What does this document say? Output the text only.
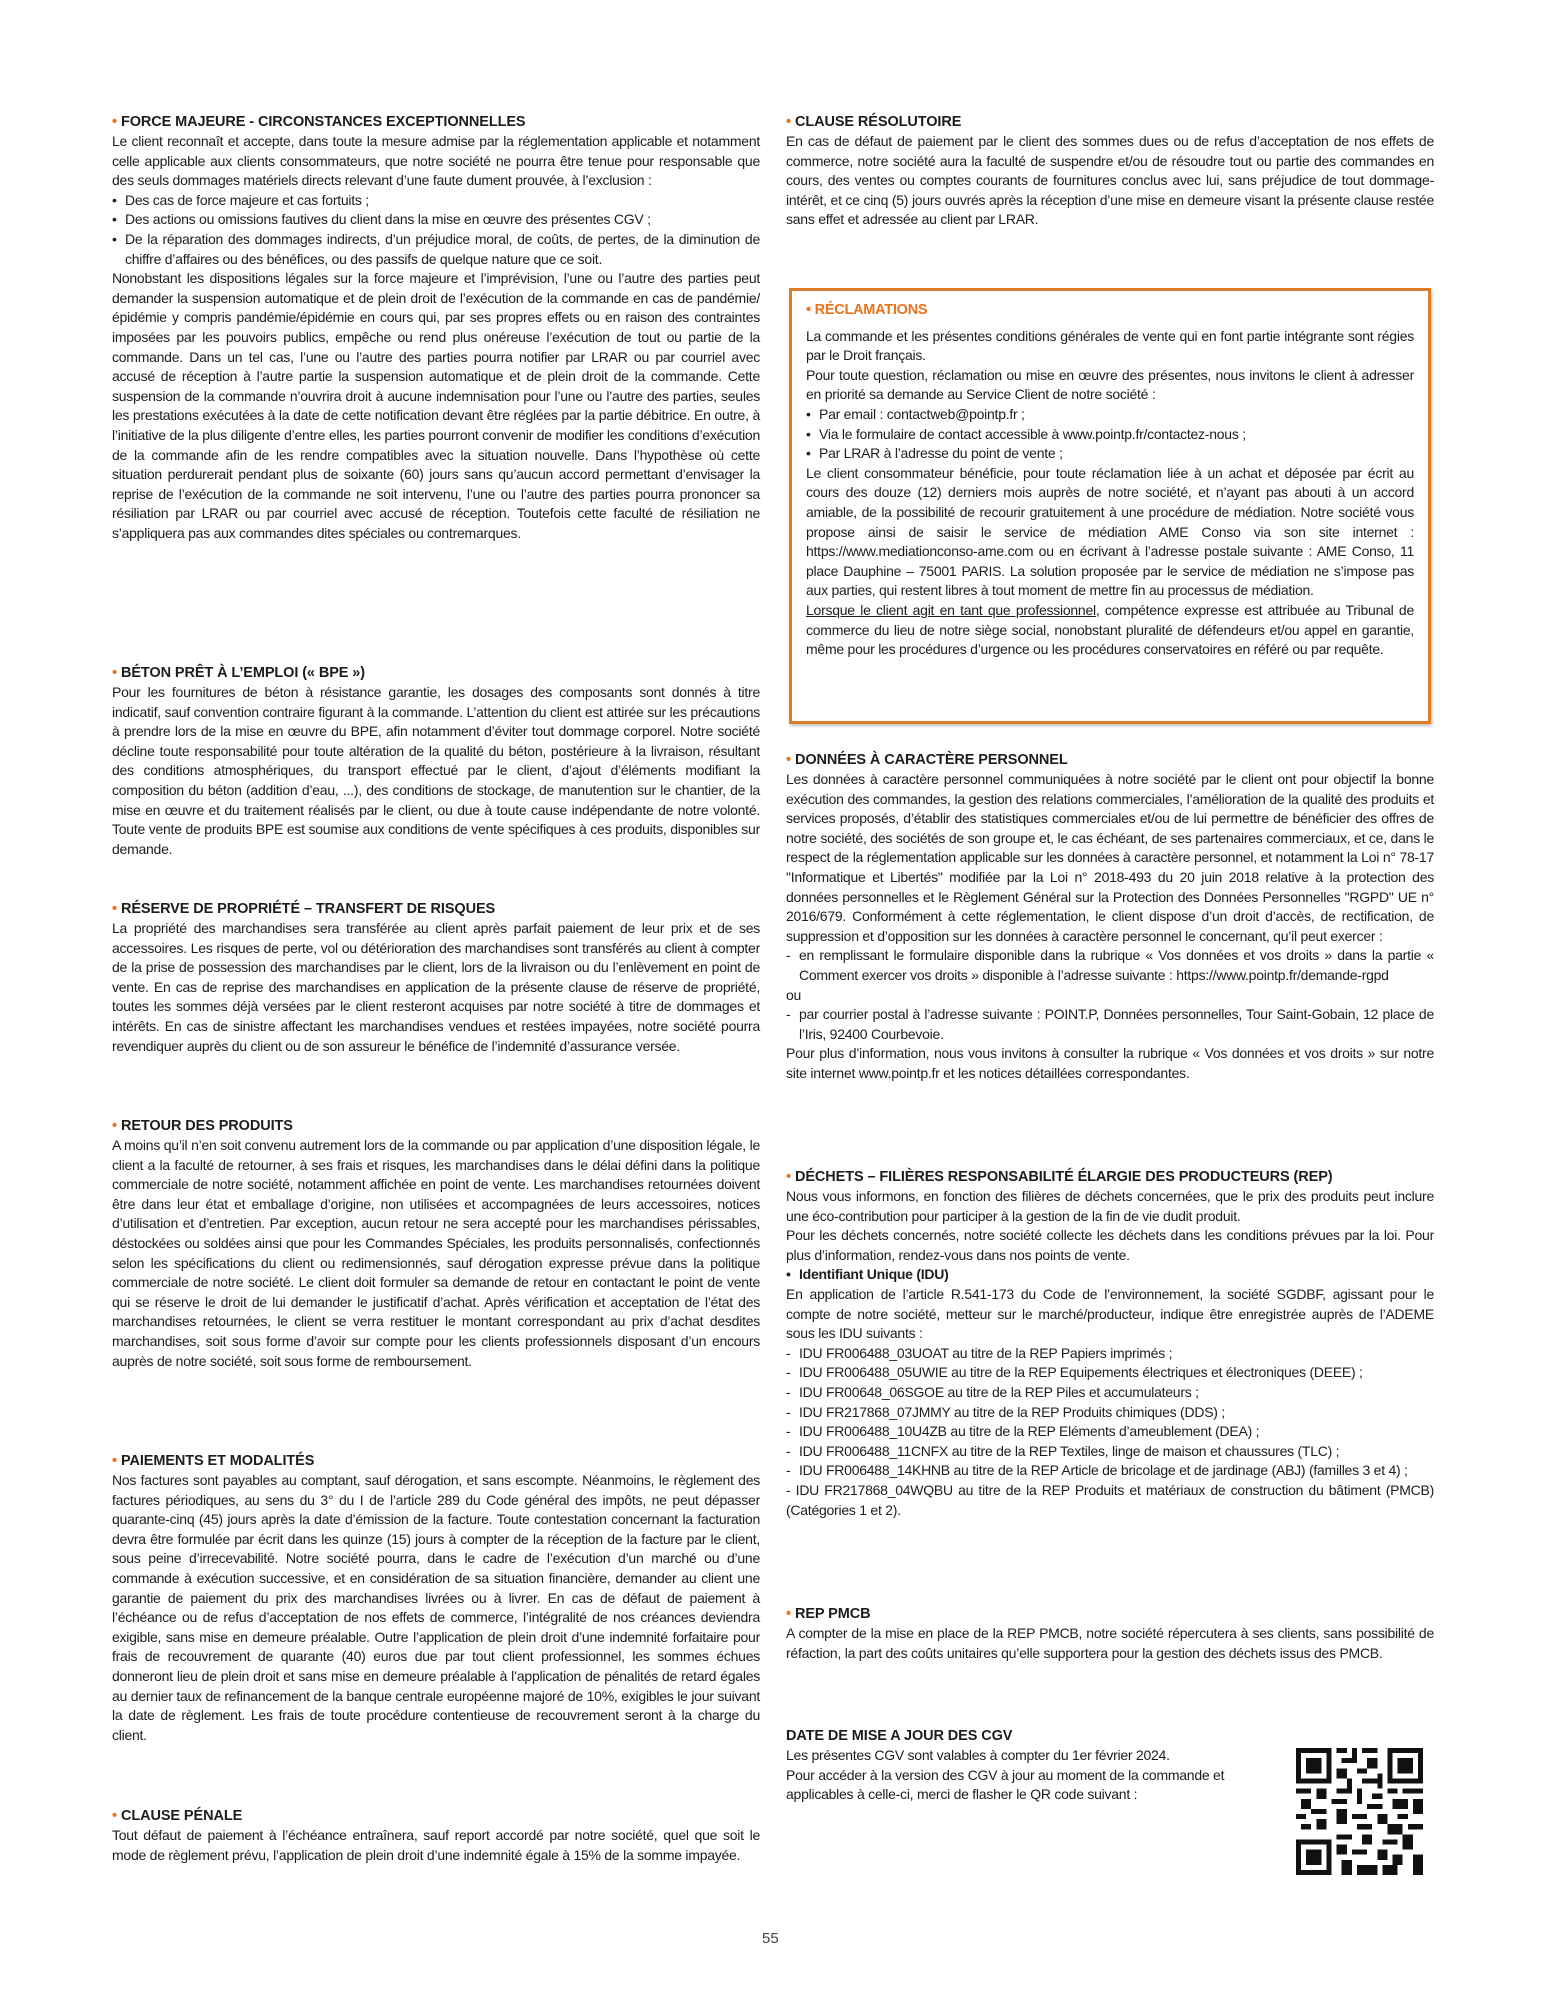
• FORCE MAJEURE - CIRCONSTANCES EXCEPTIONNELLES

Le client reconnaît et accepte, dans toute la mesure admise par la réglementation applicable et notamment celle applicable aux clients consommateurs, que notre société ne pourra être tenue pour responsable que des seuls dommages matériels directs relevant d’une faute dument prouvée, à l’exclusion :

• Des cas de force majeure et cas fortuits ;
• Des actions ou omissions fautives du client dans la mise en œuvre des présentes CGV ;
• De la réparation des dommages indirects, d’un préjudice moral, de coûts, de pertes, de la diminution de chiffre d’affaires ou des bénéfices, ou des passifs de quelque nature que ce soit.

Nonobstant les dispositions légales sur la force majeure et l’imprévision, l’une ou l’autre des parties peut demander la suspension automatique et de plein droit de l’exécution de la commande en cas de pandémie/épidémie y compris pandémie/épidémie en cours qui, par ses propres effets ou en raison des contraintes imposées par les pouvoirs publics, empêche ou rend plus onéreuse l’exécution de tout ou partie de la commande. Dans un tel cas, l’une ou l’autre des parties pourra notifier par LRAR ou par courriel avec accusé de réception à l’autre partie la suspension automatique et de plein droit de la commande. Cette suspension de la commande n’ouvrira droit à aucune indemnisation pour l’une ou l’autre des parties, seules les prestations exécutées à la date de cette notification devant être réglées par la partie débitrice. En outre, à l’initiative de la plus diligente d’entre elles, les parties pourront convenir de modifier les conditions d’exécution de la commande afin de les rendre compatibles avec la situation nouvelle. Dans l’hypothèse où cette situation perdurerait pendant plus de soixante (60) jours sans qu’aucun accord permettant d’envisager la reprise de l’exécution de la commande ne soit intervenu, l’une ou l’autre des parties pourra prononcer sa résiliation par LRAR ou par courriel avec accusé de réception. Toutefois cette faculté de résiliation ne s’appliquera pas aux commandes dites spéciales ou contremarques.

• BÉTON PRÊT À L’EMPLOI (« BPE »)

Pour les fournitures de béton à résistance garantie, les dosages des composants sont donnés à titre indicatif, sauf convention contraire figurant à la commande. L’attention du client est attirée sur les précautions à prendre lors de la mise en œuvre du BPE, afin notamment d’éviter tout dommage corporel. Notre société décline toute responsabilité pour toute altération de la qualité du béton, postérieure à la livraison, résultant des conditions atmosphériques, du transport effectué par le client, d’ajout d’éléments modifiant la composition du béton (addition d’eau, ...), des conditions de stockage, de manutention sur le chantier, de la mise en œuvre et du traitement réalisés par le client, ou due à toute cause indépendante de notre volonté. Toute vente de produits BPE est soumise aux conditions de vente spécifiques à ces produits, disponibles sur demande.

• RÉSERVE DE PROPRIÉTÉ – TRANSFERT DE RISQUES

La propriété des marchandises sera transférée au client après parfait paiement de leur prix et de ses accessoires. Les risques de perte, vol ou détérioration des marchandises sont transférés au client à compter de la prise de possession des marchandises par le client, lors de la livraison ou du l’enlèvement en point de vente. En cas de reprise des marchandises en application de la présente clause de réserve de propriété, toutes les sommes déjà versées par le client resteront acquises par notre société à titre de dommages et intérêts. En cas de sinistre affectant les marchandises vendues et restées impayées, notre société pourra revendiquer auprès du client ou de son assureur le bénéfice de l’indemnité d’assurance versée.

• RETOUR DES PRODUITS

A moins qu’il n’en soit convenu autrement lors de la commande ou par application d’une disposition légale, le client a la faculté de retourner, à ses frais et risques, les marchandises dans le délai défini dans la politique commerciale de notre société, notamment affichée en point de vente. Les marchandises retournées doivent être dans leur état et emballage d’origine, non utilisées et accompagnées de leurs accessoires, notices d’utilisation et d’entretien. Par exception, aucun retour ne sera accepté pour les marchandises périssables, déstockées ou soldées ainsi que pour les Commandes Spéciales, les produits personnalisés, confectionnés selon les spécifications du client ou redimensionnés, sauf dérogation expresse prévue dans la politique commerciale de notre société. Le client doit formuler sa demande de retour en contactant le point de vente qui se réserve le droit de lui demander le justificatif d’achat. Après vérification et acceptation de l’état des marchandises retournées, le client se verra restituer le montant correspondant au prix d’achat desdites marchandises, soit sous forme d’avoir sur compte pour les clients professionnels disposant d’un encours auprès de notre société, soit sous forme de remboursement.

• PAIEMENTS ET MODALITÉS

Nos factures sont payables au comptant, sauf dérogation, et sans escompte. Néanmoins, le règlement des factures périodiques, au sens du 3° du I de l’article 289 du Code général des impôts, ne peut dépasser quarante-cinq (45) jours après la date d’émission de la facture. Toute contestation concernant la facturation devra être formulée par écrit dans les quinze (15) jours à compter de la réception de la facture par le client, sous peine d’irrecevabilité. Notre société pourra, dans le cadre de l’exécution d’un marché ou d’une commande à exécution successive, et en considération de sa situation financière, demander au client une garantie de paiement du prix des marchandises livrées ou à livrer. En cas de défaut de paiement à l’échéance ou de refus d’acceptation de nos effets de commerce, l’intégralité de nos créances deviendra exigible, sans mise en demeure préalable. Outre l’application de plein droit d’une indemnité forfaitaire pour frais de recouvrement de quarante (40) euros due par tout client professionnel, les sommes échues donneront lieu de plein droit et sans mise en demeure préalable à l’application de pénalités de retard égales au dernier taux de refinancement de la banque centrale européenne majoré de 10%, exigibles le jour suivant la date de règlement. Les frais de toute procédure contentieuse de recouvrement seront à la charge du client.

• CLAUSE PÉNALE

Tout défaut de paiement à l’échéance entraînera, sauf report accordé par notre société, quel que soit le mode de règlement prévu, l’application de plein droit d’une indemnité égale à 15% de la somme impayée.

• CLAUSE RÉSOLUTOIRE

En cas de défaut de paiement par le client des sommes dues ou de refus d’acceptation de nos effets de commerce, notre société aura la faculté de suspendre et/ou de résoudre tout ou partie des commandes en cours, des ventes ou comptes courants de fournitures conclus avec lui, sans préjudice de tout dommage-intérêt, et ce cinq (5) jours ouvrés après la réception d’une mise en demeure visant la présente clause restée sans effet et adressée au client par LRAR.

• RÉCLAMATIONS

La commande et les présentes conditions générales de vente qui en font partie intégrante sont régies par le Droit français.

Pour toute question, réclamation ou mise en œuvre des présentes, nous invitons le client à adresser en priorité sa demande au Service Client de notre société :

• Par email : contactweb@pointp.fr ;
• Via le formulaire de contact accessible à www.pointp.fr/contactez-nous ;
• Par LRAR à l’adresse du point de vente ;

Le client consommateur bénéficie, pour toute réclamation liée à un achat et déposée par écrit au cours des douze (12) derniers mois auprès de notre société, et n’ayant pas abouti à un accord amiable, de la possibilité de recourir gratuitement à une procédure de médiation. Notre société vous propose ainsi de saisir le service de médiation AME Conso via son site internet : https://www.mediationconso-ame.com ou en écrivant à l’adresse postale suivante : AME Conso, 11 place Dauphine – 75001 PARIS. La solution proposée par le service de médiation ne s’impose pas aux parties, qui restent libres à tout moment de mettre fin au processus de médiation.

Lorsque le client agit en tant que professionnel, compétence expresse est attribuée au Tribunal de commerce du lieu de notre siège social, nonobstant pluralité de défendeurs et/ou appel en garantie, même pour les procédures d’urgence ou les procédures conservatoires en référé ou par requête.

• DONNÉES À CARACTÈRE PERSONNEL

Les données à caractère personnel communiquées à notre société par le client ont pour objectif la bonne exécution des commandes, la gestion des relations commerciales, l’amélioration de la qualité des produits et services proposés, d’établir des statistiques commerciales et/ou de lui permettre de bénéficier des offres de notre société, des sociétés de son groupe et, le cas échéant, de ses partenaires commerciaux, et ce, dans le respect de la réglementation applicable sur les données à caractère personnel, et notamment la Loi n° 78-17 "Informatique et Libertés" modifiée par la Loi n° 2018-493 du 20 juin 2018 relative à la protection des données personnelles et le Règlement Général sur la Protection des Données Personnelles "RGPD" UE n° 2016/679. Conformément à cette réglementation, le client dispose d’un droit d’accès, de rectification, de suppression et d’opposition sur les données à caractère personnel le concernant, qu’il peut exercer :

- en remplissant le formulaire disponible dans la rubrique « Vos données et vos droits » dans la partie « Comment exercer vos droits » disponible à l’adresse suivante : https://www.pointp.fr/demande-rgpd

ou

- par courrier postal à l’adresse suivante : POINT.P, Données personnelles, Tour Saint-Gobain, 12 place de l’Iris, 92400 Courbevoie.

Pour plus d’information, nous vous invitons à consulter la rubrique « Vos données et vos droits » sur notre site internet www.pointp.fr et les notices détaillées correspondantes.

• DÉCHETS – FILIÈRES RESPONSABILITÉ ÉLARGIE DES PRODUCTEURS (REP)

Nous vous informons, en fonction des filières de déchets concernées, que le prix des produits peut inclure une éco-contribution pour participer à la gestion de la fin de vie dudit produit.

Pour les déchets concernés, notre société collecte les déchets dans les conditions prévues par la loi. Pour plus d’information, rendez-vous dans nos points de vente.

• Identifiant Unique (IDU)

En application de l’article R.541-173 du Code de l’environnement, la société SGDBF, agissant pour le compte de notre société, metteur sur le marché/producteur, indique être enregistrée auprès de l’ADEME sous les IDU suivants :

- IDU FR006488_03UOAT au titre de la REP Papiers imprimés ;
- IDU FR006488_05UWIE au titre de la REP Equipements électriques et électroniques (DEEE) ;
- IDU FR00648_06SGOE au titre de la REP Piles et accumulateurs ;
- IDU FR217868_07JMMY au titre de la REP Produits chimiques (DDS) ;
- IDU FR006488_10U4ZB au titre de la REP Eléments d’ameublement (DEA) ;
- IDU FR006488_11CNFX au titre de la REP Textiles, linge de maison et chaussures (TLC) ;
- IDU FR006488_14KHNB au titre de la REP Article de bricolage et de jardinage (ABJ) (familles 3 et 4) ;

- IDU FR217868_04WQBU au titre de la REP Produits et matériaux de construction du bâtiment (PMCB) (Catégories 1 et 2).

• REP PMCB

A compter de la mise en place de la REP PMCB, notre société répercutera à ses clients, sans possibilité de réfaction, la part des coûts unitaires qu’elle supportera pour la gestion des déchets issus des PMCB.

DATE DE MISE A JOUR DES CGV

Les présentes CGV sont valables à compter du 1er février 2024.

Pour accéder à la version des CGV à jour au moment de la commande et applicables à celle-ci, merci de flasher le QR code suivant :

55
